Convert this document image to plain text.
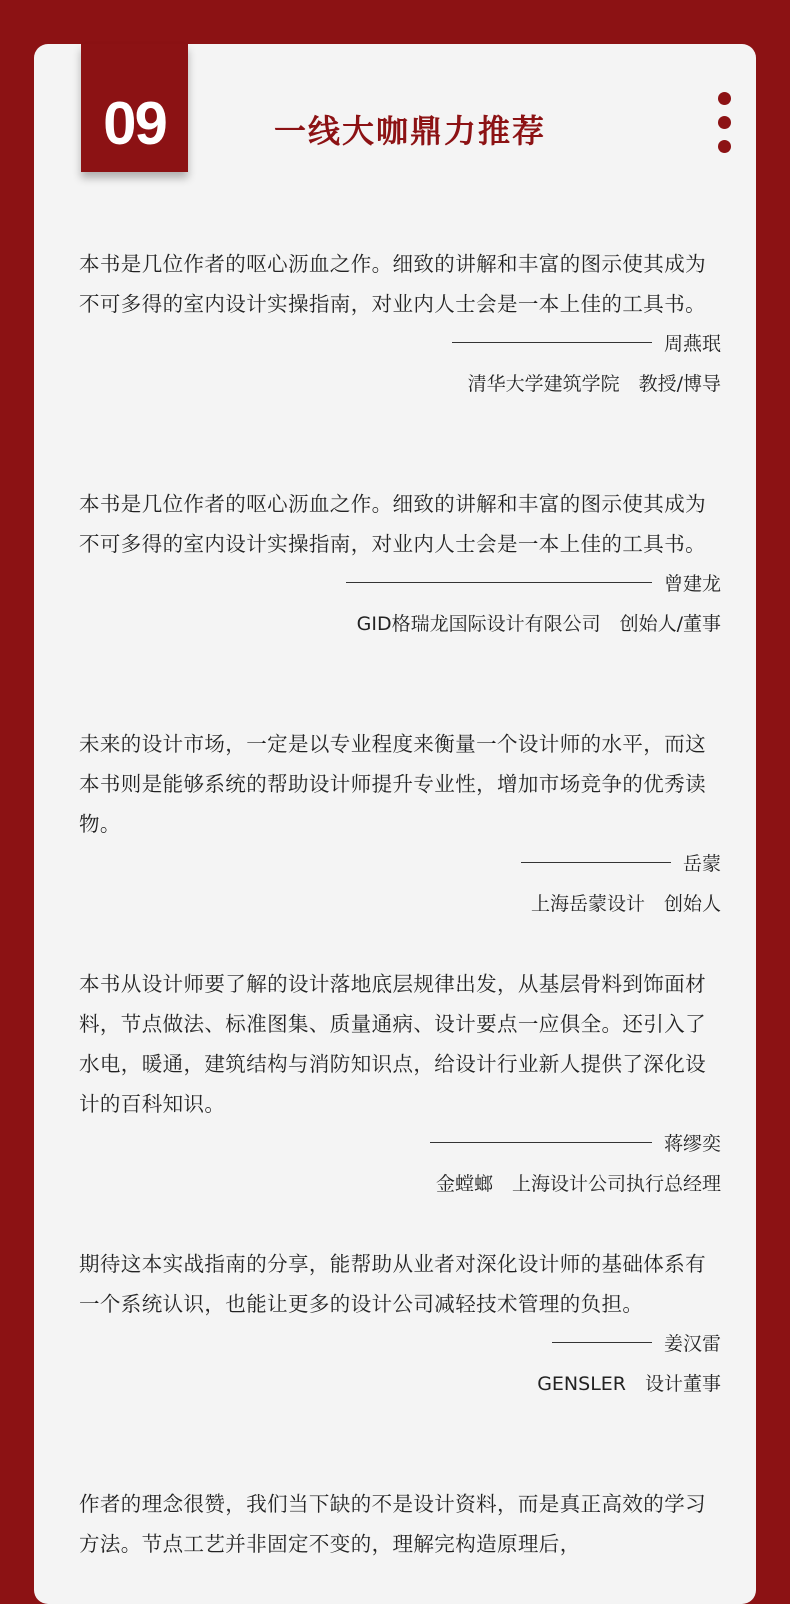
09	一线大咖鼎力推荐

本书是几位作者的呕心沥血之作。细致的讲解和丰富的图示使其成为不可多得的室内设计实操指南，对业内人士会是一本上佳的工具书。

周燕珉
清华大学建筑学院　教授/博导

本书是几位作者的呕心沥血之作。细致的讲解和丰富的图示使其成为不可多得的室内设计实操指南，对业内人士会是一本上佳的工具书。

曾建龙
GID格瑞龙国际设计有限公司　创始人/董事

未来的设计市场，一定是以专业程度来衡量一个设计师的水平，而这本书则是能够系统的帮助设计师提升专业性，增加市场竞争的优秀读物。

岳蒙
上海岳蒙设计　创始人

本书从设计师要了解的设计落地底层规律出发，从基层骨料到饰面材料，节点做法、标准图集、质量通病、设计要点一应俱全。还引入了水电，暖通，建筑结构与消防知识点，给设计行业新人提供了深化设计的百科知识。

蒋缪奕
金螳螂　上海设计公司执行总经理

期待这本实战指南的分享，能帮助从业者对深化设计师的基础体系有一个系统认识，也能让更多的设计公司减轻技术管理的负担。

姜汉雷
GENSLER　设计董事

作者的理念很赞，我们当下缺的不是设计资料，而是真正高效的学习方法。节点工艺并非固定不变的，理解完构造原理后，
